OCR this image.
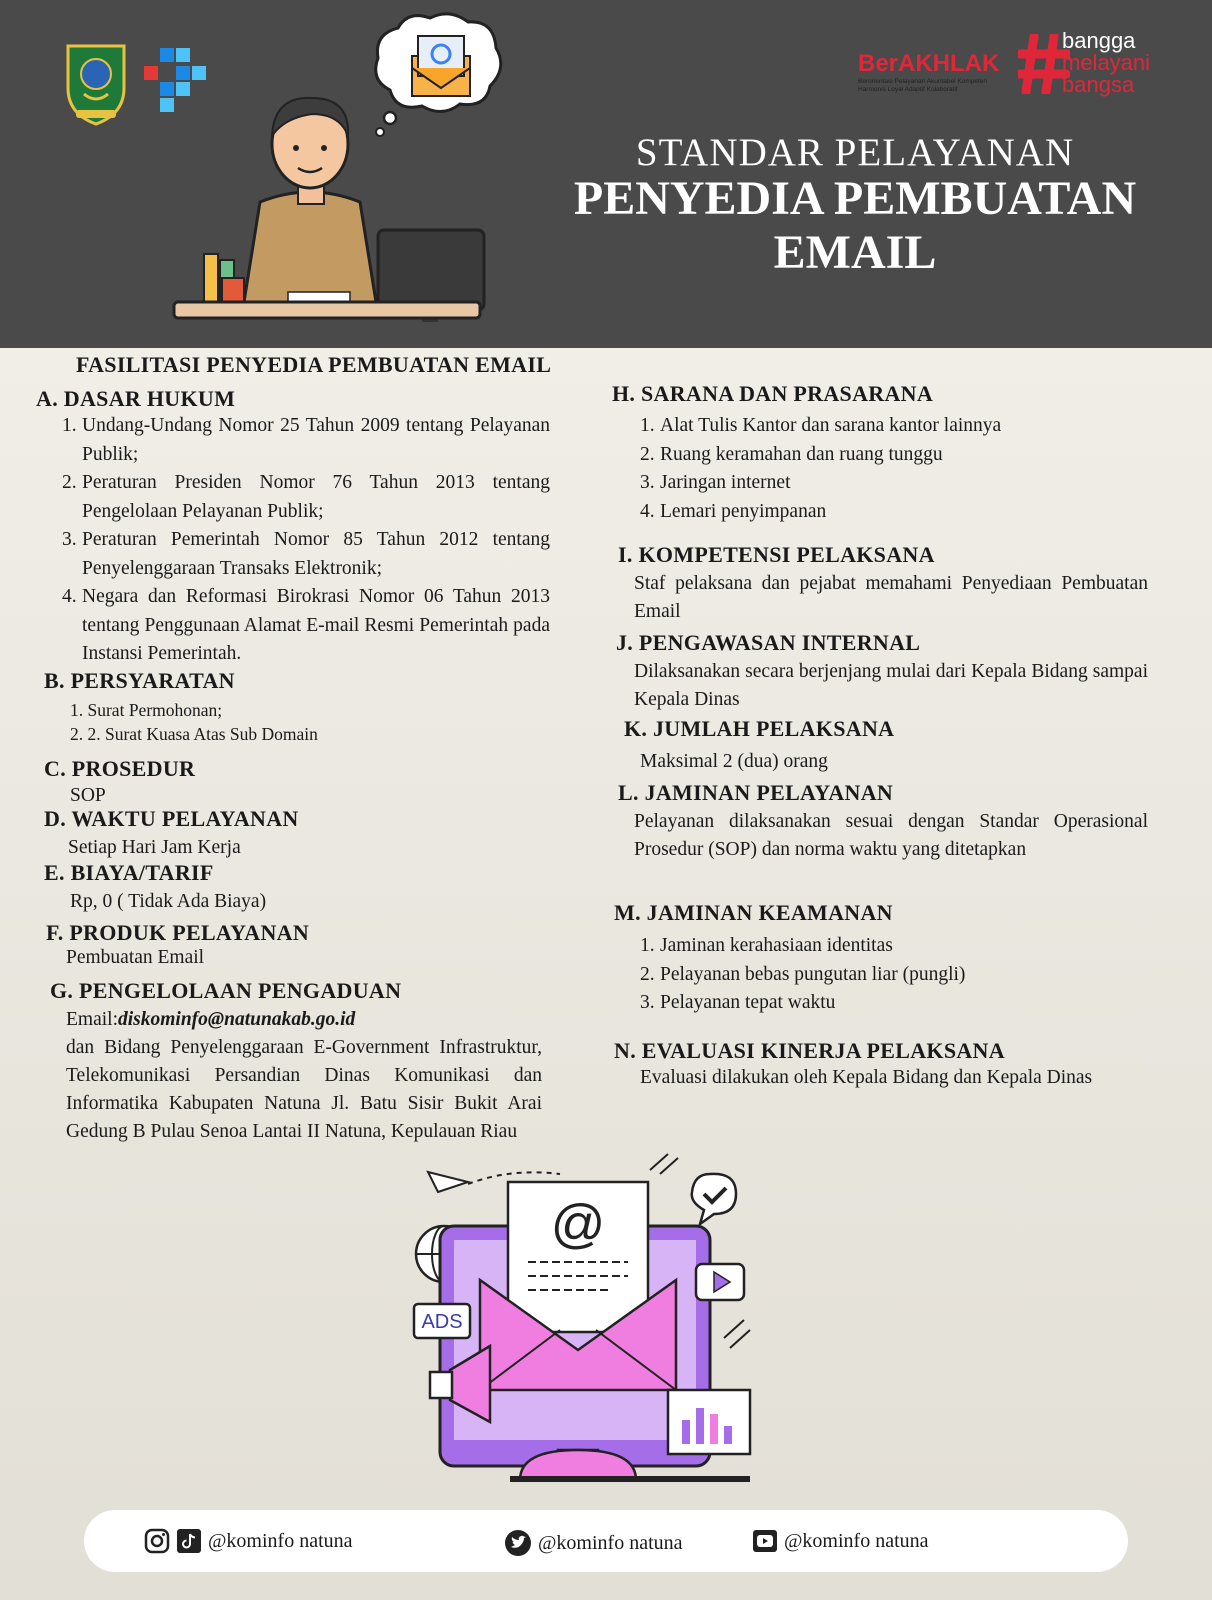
BerAKHLAK
Berorientasi Pelayanan Akuntabel Kompeten
Harmonis Loyal Adaptif Kolaboratif
bangga
melayani
bangsa
STANDAR PELAYANAN
PENYEDIA PEMBUATAN
EMAIL
FASILITASI PENYEDIA PEMBUATAN EMAIL
A. DASAR HUKUM
1. Undang-Undang Nomor 25 Tahun 2009 tentang Pelayanan Publik;
2. Peraturan Presiden Nomor 76 Tahun 2013 tentang Pengelolaan Pelayanan Publik;
3. Peraturan Pemerintah Nomor 85 Tahun 2012 tentang Penyelenggaraan Transaks Elektronik;
4. Negara dan Reformasi Birokrasi Nomor 06 Tahun 2013 tentang Penggunaan Alamat E-mail Resmi Pemerintah pada Instansi Pemerintah.
B. PERSYARATAN
1. Surat Permohonan;
2. 2. Surat Kuasa Atas Sub Domain
C. PROSEDUR
SOP
D. WAKTU PELAYANAN
Setiap Hari Jam Kerja
E. BIAYA/TARIF
Rp, 0 ( Tidak Ada Biaya)
F. PRODUK PELAYANAN
Pembuatan Email
G. PENGELOLAAN PENGADUAN
Email:diskominfo@natunakab.go.id
dan Bidang Penyelenggaraan E-Government Infrastruktur, Telekomunikasi Persandian Dinas Komunikasi dan Informatika Kabupaten Natuna Jl. Batu Sisir Bukit Arai Gedung B Pulau Senoa Lantai II Natuna, Kepulauan Riau
H. SARANA DAN PRASARANA
1. Alat Tulis Kantor dan sarana kantor lainnya
2. Ruang keramahan dan ruang tunggu
3. Jaringan internet
4. Lemari penyimpanan
I. KOMPETENSI PELAKSANA
Staf pelaksana dan pejabat memahami Penyediaan Pembuatan Email
J. PENGAWASAN INTERNAL
Dilaksanakan secara berjenjang mulai dari Kepala Bidang sampai Kepala Dinas
K. JUMLAH PELAKSANA
Maksimal 2 (dua) orang
L. JAMINAN PELAYANAN
Pelayanan dilaksanakan sesuai dengan Standar Operasional Prosedur (SOP) dan norma waktu yang ditetapkan
M. JAMINAN KEAMANAN
1. Jaminan kerahasiaan identitas
2. Pelayanan bebas pungutan liar (pungli)
3. Pelayanan tepat waktu
N. EVALUASI KINERJA PELAKSANA
Evaluasi dilakukan oleh Kepala Bidang dan Kepala Dinas
@
ADS
@kominfo natuna	@kominfo natuna	@kominfo natuna
